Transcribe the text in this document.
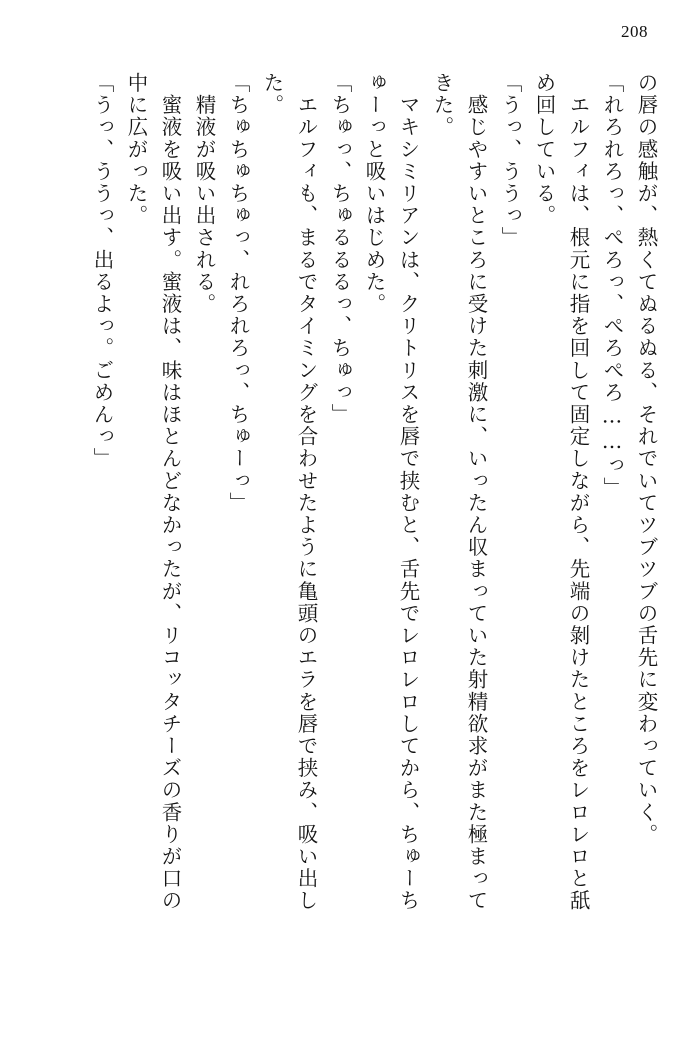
208
の唇の感触が、熱くてぬるぬる、それでいてツブツブの舌先に変わっていく。
「れろれろっ、ぺろっ、ぺろぺろ……っ」
　エルフィは、根元に指を回して固定しながら、先端の剝けたところをレロレロと舐
め回している。
「うっ、ううっ」
　感じやすいところに受けた刺激に、いったん収まっていた射精欲求がまた極まって
きた。
　マキシミリアンは、クリトリスを唇で挟むと、舌先でレロレロしてから、ちゅーち
ゅーっと吸いはじめた。
「ちゅっ、ちゅるるるっ、ちゅっ」
　エルフィも、まるでタイミングを合わせたように亀頭のエラを唇で挟み、吸い出し
た。
「ちゅちゅちゅっ、れろれろっ、ちゅーっ」
　精液が吸い出される。
　蜜液を吸い出す。蜜液は、味はほとんどなかったが、リコッタチーズの香りが口の
中に広がった。
「うっ、ううっ、出るよっ。ごめんっ」
